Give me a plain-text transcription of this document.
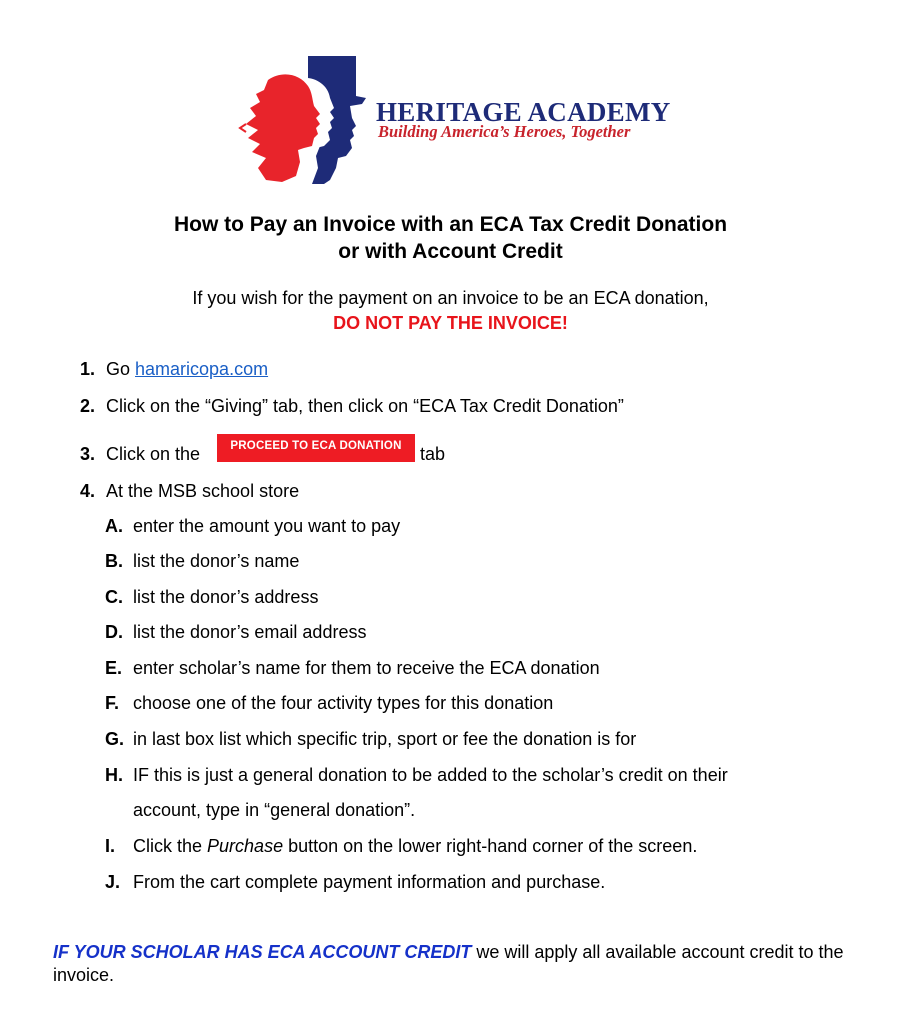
HERITAGE ACADEMY
Building America’s Heroes, Together
How to Pay an Invoice with an ECA Tax Credit Donation
or with Account Credit
If you wish for the payment on an invoice to be an ECA donation,
DO NOT PAY THE INVOICE!
1. Go hamaricopa.com
2. Click on the “Giving” tab, then click on “ECA Tax Credit Donation”
3. Click on the	tab
PROCEED TO ECA DONATION
4. At the MSB school store
A. enter the amount you want to pay
B. list the donor’s name
C. list the donor’s address
D. list the donor’s email address
E. enter scholar’s name for them to receive the ECA donation
F. choose one of the four activity types for this donation
G. in last box list which specific trip, sport or fee the donation is for
H. IF this is just a general donation to be added to the scholar’s credit on their
account, type in “general donation”.
I. Click the Purchase button on the lower right-hand corner of the screen.
J. From the cart complete payment information and purchase.
IF YOUR SCHOLAR HAS ECA ACCOUNT CREDIT we will apply all available account credit to the invoice.
